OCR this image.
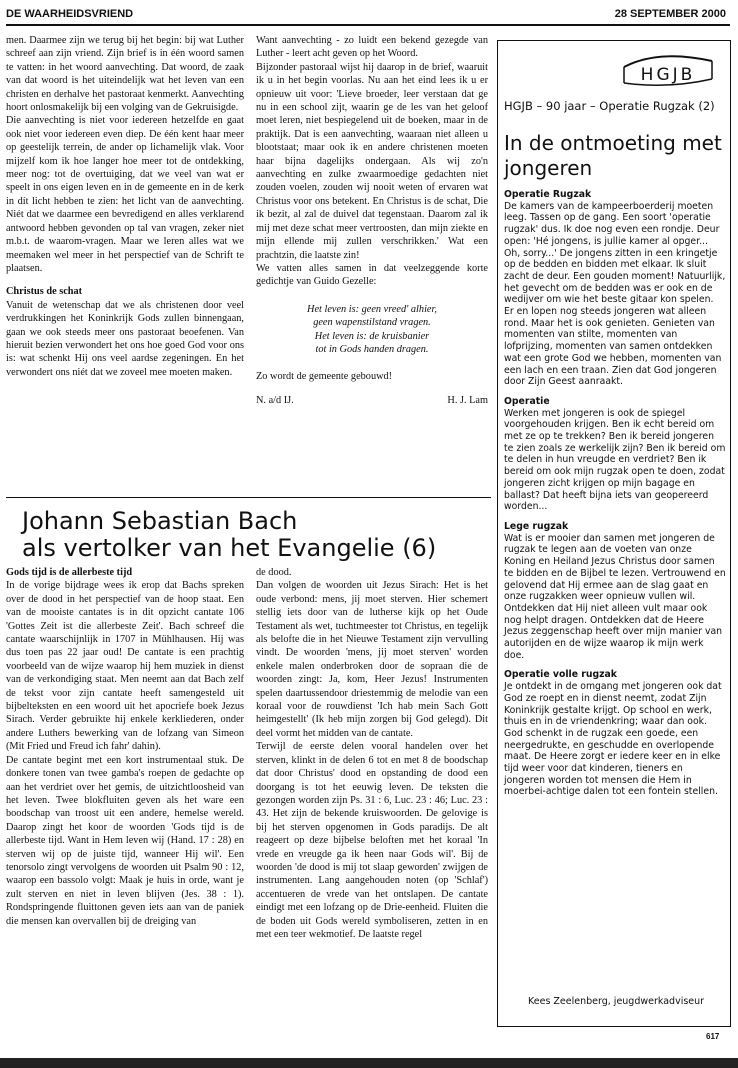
DE WAARHEIDSVRIEND	28 SEPTEMBER 2000

men. Daarmee zijn we terug bij het begin: bij wat Luther schreef aan zijn vriend. Zijn brief is in één woord samen te vatten: in het woord aanvechting. Dat woord, de zaak van dat woord is het uiteindelijk wat het leven van een christen en derhalve het pastoraat kenmerkt. Aanvechting hoort onlosmakelijk bij een volging van de Gekruisigde.

Die aanvechting is niet voor iedereen hetzelfde en gaat ook niet voor iedereen even diep. De één kent haar meer op geestelijk terrein, de ander op lichamelijk vlak. Voor mijzelf kom ik hoe langer hoe meer tot de ontdekking, meer nog: tot de overtuiging, dat we veel van wat er speelt in ons eigen leven en in de gemeente en in de kerk in dít licht hebben te zien: het licht van de aanvechting. Niét dat we daarmee een bevredigend en alles verklarend antwoord hebben gevonden op tal van vragen, zeker niet m.b.t. de waarom-vragen. Maar we leren alles wat we meemaken wel meer in het perspectief van de Schrift te plaatsen.

Christus de schat

Vanuit de wetenschap dat we als christenen door veel verdrukkingen het Koninkrijk Gods zullen binnengaan, gaan we ook steeds meer ons pastoraat beoefenen. Van hieruit bezien verwondert het ons hoe goed God voor ons is: wat schenkt Hij ons veel aardse zegeningen. En het verwondert ons niét dat we zoveel mee moeten maken.

Want aanvechting - zo luidt een bekend gezegde van Luther - leert acht geven op het Woord.

Bijzonder pastoraal wijst hij daarop in de brief, waaruit ik u in het begin voorlas. Nu aan het eind lees ik u er opnieuw uit voor: 'Lieve broeder, leer verstaan dat ge nu in een school zijt, waarin ge de les van het geloof moet leren, niet bespiegelend uit de boeken, maar in de praktijk. Dat is een aanvechting, waaraan niet alleen u blootstaat; maar ook ik en andere christenen moeten haar bijna dagelijks ondergaan. Als wij zo'n aanvechting en zulke zwaarmoedige gedachten niet zouden voelen, zouden wij nooit weten of ervaren wat Christus voor ons betekent. En Christus is de schat, Die ik bezit, al zal de duivel dat tegenstaan. Daarom zal ik mij met deze schat meer vertroosten, dan mijn ziekte en mijn ellende mij zullen verschrikken.' Wat een prachtzin, die laatste zin!

We vatten alles samen in dat veelzeggende korte gedichtje van Guido Gezelle:

Het leven is: geen vreed' alhier,
geen wapenstilstand vragen.
Het leven is: de kruisbanier
tot in Gods handen dragen.

Zo wordt de gemeente gebouwd!

N. a/d IJ.	H. J. Lam
Johann Sebastian Bach
als vertolker van het Evangelie (6)

Gods tijd is de allerbeste tijd

In de vorige bijdrage wees ik erop dat Bachs spreken over de dood in het perspectief van de hoop staat. Een van de mooiste cantates is in dit opzicht cantate 106 'Gottes Zeit ist die allerbeste Zeit'. Bach schreef die cantate waarschijnlijk in 1707 in Mühlhausen. Hij was dus toen pas 22 jaar oud! De cantate is een prachtig voorbeeld van de wijze waarop hij hem muziek in dienst van de verkondiging staat. Men neemt aan dat Bach zelf de tekst voor zijn cantate heeft samengesteld uit bijbelteksten en een woord uit het apocriefe boek Jezus Sirach. Verder gebruikte hij enkele kerkliederen, onder andere Luthers bewerking van de lofzang van Simeon (Mit Fried und Freud ich fahr' dahin).

De cantate begint met een kort instrumentaal stuk. De donkere tonen van twee gamba's roepen de gedachte op aan het verdriet over het gemis, de uitzichtloosheid van het leven. Twee blokfluiten geven als het ware een boodschap van troost uit een andere, hemelse wereld. Daarop zingt het koor de woorden 'Gods tijd is de allerbeste tijd. Want in Hem leven wij (Hand. 17 : 28) en sterven wij op de juiste tijd, wanneer Hij wil'. Een tenorsolo zingt vervolgens de woorden uit Psalm 90 : 12, waarop een bassolo volgt: Maak je huis in orde, want je zult sterven en niet in leven blijven (Jes. 38 : 1). Rondspringende fluittonen geven iets aan van de paniek die mensen kan overvallen bij de dreiging van

de dood.

Dan volgen de woorden uit Jezus Sirach: Het is het oude verbond: mens, jij moet sterven. Hier schemert stellig iets door van de lutherse kijk op het Oude Testament als wet, tuchtmeester tot Christus, en tegelijk als belofte die in het Nieuwe Testament zijn vervulling vindt. De woorden 'mens, jij moet sterven' worden enkele malen onderbroken door de sopraan die de woorden zingt: Ja, kom, Heer Jezus! Instrumenten spelen daartussendoor driestemmig de melodie van een koraal voor de rouwdienst 'Ich hab mein Sach Gott heimgestellt' (Ik heb mijn zorgen bij God gelegd). Dit deel vormt het midden van de cantate.

Terwijl de eerste delen vooral handelen over het sterven, klinkt in de delen 6 tot en met 8 de boodschap dat door Christus' dood en opstanding de dood een doorgang is tot het eeuwig leven. De teksten die gezongen worden zijn Ps. 31 : 6, Luc. 23 : 46; Luc. 23 : 43. Het zijn de bekende kruiswoorden. De gelovige is bij het sterven opgenomen in Gods paradijs. De alt reageert op deze bijbelse beloften met het koraal 'In vrede en vreugde ga ik heen naar Gods wil'. Bij de woorden 'de dood is mij tot slaap geworden' zwijgen de instrumenten. Lang aangehouden noten (op 'Schlaf') accentueren de vrede van het ontslapen. De cantate eindigt met een lofzang op de Drie-eenheid. Fluiten die de boden uit Gods wereld symboliseren, zetten in en met een teer wekmotief. De laatste regel

HGJB
HGJB – 90 jaar – Operatie Rugzak (2)
In de ontmoeting met jongeren

Operatie Rugzak

De kamers van de kampeerboerderij moeten leeg. Tassen op de gang. Een soort 'operatie rugzak' dus. Ik doe nog even een rondje. Deur open: 'Hé jongens, is jullie kamer al opger... Oh, sorry...' De jongens zitten in een kringetje op de bedden en bidden met elkaar. Ik sluit zacht de deur. Een gouden moment! Natuurlijk, het gevecht om de bedden was er ook en de wedijver om wie het beste gitaar kon spelen. Er en lopen nog steeds jongeren wat alleen rond. Maar het is ook genieten. Genieten van momenten van stilte, momenten van lofprijzing, momenten van samen ontdekken wat een grote God we hebben, momenten van een lach en een traan. Zien dat God jongeren door Zijn Geest aanraakt.

Operatie

Werken met jongeren is ook de spiegel voorgehouden krijgen. Ben ik echt bereid om met ze op te trekken? Ben ik bereid jongeren te zien zoals ze werkelijk zijn? Ben ik bereid om te delen in hun vreugde en verdriet? Ben ik bereid om ook mijn rugzak open te doen, zodat jongeren zicht krijgen op mijn bagage en ballast? Dat heeft bijna iets van geopereerd worden...

Lege rugzak

Wat is er mooier dan samen met jongeren de rugzak te legen aan de voeten van onze Koning en Heiland Jezus Christus door samen te bidden en de Bijbel te lezen. Vertrouwend en gelovend dat Hij ermee aan de slag gaat en onze rugzakken weer opnieuw vullen wil. Ontdekken dat Hij niet alleen vult maar ook nog helpt dragen. Ontdekken dat de Heere Jezus zeggenschap heeft over mijn manier van autorijden en de wijze waarop ik mijn werk doe.

Operatie volle rugzak

Je ontdekt in de omgang met jongeren ook dat God ze roept en in dienst neemt, zodat Zijn Koninkrijk gestalte krijgt. Op school en werk, thuis en in de vriendenkring; waar dan ook. God schenkt in de rugzak een goede, een neergedrukte, en geschudde en overlopende maat. De Heere zorgt er iedere keer en in elke tijd weer voor dat kinderen, tieners en jongeren worden tot mensen die Hem in moerbei-achtige dalen tot een fontein stellen.

Kees Zeelenberg, jeugdwerkadviseur
617
